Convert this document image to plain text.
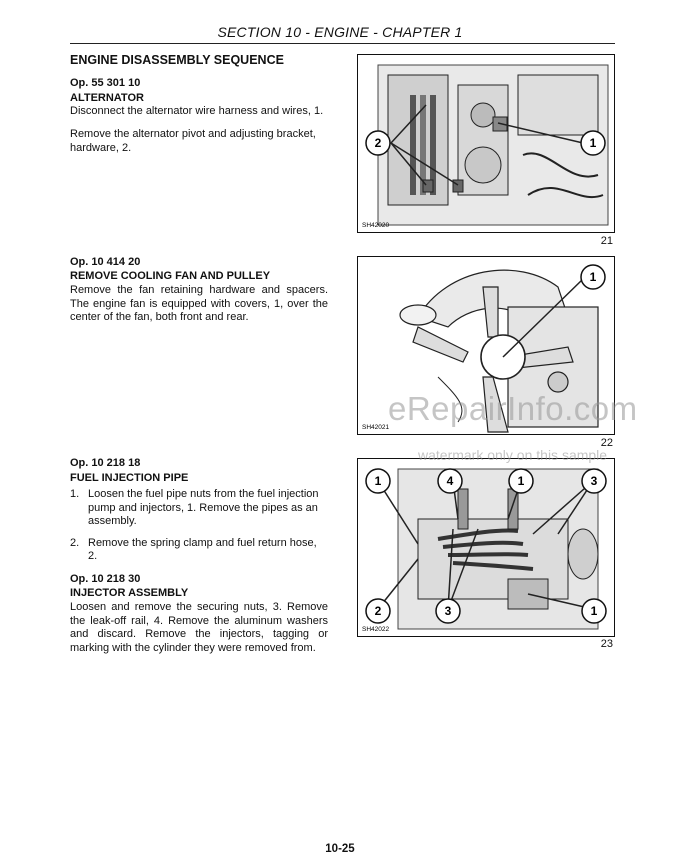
SECTION 10 - ENGINE - CHAPTER 1
ENGINE DISASSEMBLY SEQUENCE
Op. 55 301 10
ALTERNATOR
Disconnect the alternator wire harness and wires, 1.
Remove the alternator pivot and adjusting bracket, hardware, 2.
Op. 10 414 20
REMOVE COOLING FAN AND PULLEY
Remove the fan retaining hardware and spacers. The engine fan is equipped with covers, 1, over the center of the fan, both front and rear.
Op. 10 218 18
FUEL INJECTION PIPE
1. Loosen the fuel pipe nuts from the fuel injection pump and injectors, 1. Remove the pipes as an assembly.
2. Remove the spring clamp and fuel return hose, 2.
Op. 10 218 30
INJECTOR ASSEMBLY
Loosen and remove the securing nuts, 3. Remove the leak-off rail, 4. Remove the aluminum washers and discard. Remove the injectors, tagging or marking with the cylinder they were removed from.
2	1
SH42020
21
1
SH42021
22
1	4	1	3
2	3	1
SH42022
23
eRepairInfo.com
watermark only on this sample
10-25
